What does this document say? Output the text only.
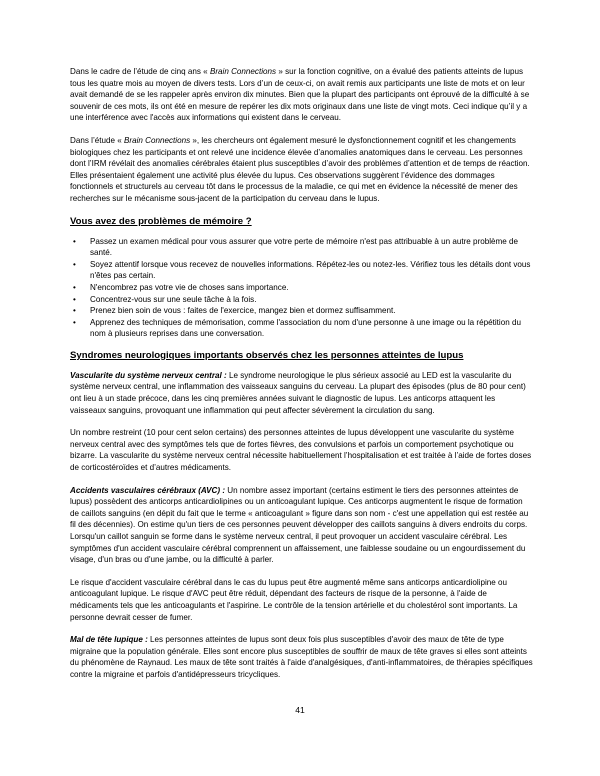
Dans le cadre de l’étude de cinq ans « Brain Connections » sur la fonction cognitive, on a évalué des patients atteints de lupus tous les quatre mois au moyen de divers tests. Lors d’un de ceux-ci, on avait remis aux participants une liste de mots et on leur avait demandé de se les rappeler après environ dix minutes. Bien que la plupart des participants ont éprouvé de la difficulté à se souvenir de ces mots, ils ont été en mesure de repérer les dix mots originaux dans une liste de vingt mots. Ceci indique qu’il y a une interférence avec l'accès aux informations qui existent dans le cerveau.

Dans l’étude « Brain Connections », les chercheurs ont également mesuré le dysfonctionnement cognitif et les changements biologiques chez les participants et ont relevé une incidence élevée d’anomalies anatomiques dans le cerveau. Les personnes dont l’IRM révélait des anomalies cérébrales étaient plus susceptibles d’avoir des problèmes d’attention et de temps de réaction. Elles présentaient également une activité plus élevée du lupus. Ces observations suggèrent l’évidence des dommages fonctionnels et structurels au cerveau tôt dans le processus de la maladie, ce qui met en évidence la nécessité de mener des recherches sur le mécanisme sous-jacent de la participation du cerveau dans le lupus.

Vous avez des problèmes de mémoire ?
• Passez un examen médical pour vous assurer que votre perte de mémoire n'est pas attribuable à un autre problème de santé.
• Soyez attentif lorsque vous recevez de nouvelles informations. Répétez-les ou notez-les. Vérifiez tous les détails dont vous n'êtes pas certain.
• N'encombrez pas votre vie de choses sans importance.
• Concentrez-vous sur une seule tâche à la fois.
• Prenez bien soin de vous : faites de l'exercice, mangez bien et dormez suffisamment.
• Apprenez des techniques de mémorisation, comme l'association du nom d'une personne à une image ou la répétition du nom à plusieurs reprises dans une conversation.
Syndromes neurologiques importants observés chez les personnes atteintes de lupus

Vascularite du système nerveux central : Le syndrome neurologique le plus sérieux associé au LED est la vascularite du système nerveux central, une inflammation des vaisseaux sanguins du cerveau. La plupart des épisodes (plus de 80 pour cent) ont lieu à un stade précoce, dans les cinq premières années suivant le diagnostic de lupus. Les anticorps attaquent les vaisseaux sanguins, provoquant une inflammation qui peut affecter sévèrement la circulation du sang.

Un nombre restreint (10 pour cent selon certains) des personnes atteintes de lupus développent une vascularite du système nerveux central avec des symptômes tels que de fortes fièvres, des convulsions et parfois un comportement psychotique ou bizarre. La vascularite du système nerveux central nécessite habituellement l’hospitalisation et est traitée à l’aide de fortes doses de corticostéroïdes et d’autres médicaments.

Accidents vasculaires cérébraux (AVC) : Un nombre assez important (certains estiment le tiers des personnes atteintes de lupus) possèdent des anticorps anticardiolipines ou un anticoagulant lupique. Ces anticorps augmentent le risque de formation de caillots sanguins (en dépit du fait que le terme « anticoagulant » figure dans son nom - c'est une appellation qui est restée au fil des décennies). On estime qu'un tiers de ces personnes peuvent développer des caillots sanguins à divers endroits du corps. Lorsqu'un caillot sanguin se forme dans le système nerveux central, il peut provoquer un accident vasculaire cérébral. Les symptômes d'un accident vasculaire cérébral comprennent un affaissement, une faiblesse soudaine ou un engourdissement du visage, d'un bras ou d'une jambe, ou la difficulté à parler.

Le risque d'accident vasculaire cérébral dans le cas du lupus peut être augmenté même sans anticorps anticardiolipine ou anticoagulant lupique. Le risque d'AVC peut être réduit, dépendant des facteurs de risque de la personne, à l'aide de médicaments tels que les anticoagulants et l'aspirine. Le contrôle de la tension artérielle et du cholestérol sont importants. La personne devrait cesser de fumer.

Mal de tête lupique : Les personnes atteintes de lupus sont deux fois plus susceptibles d'avoir des maux de tête de type migraine que la population générale. Elles sont encore plus susceptibles de souffrir de maux de tête graves si elles sont atteints du phénomène de Raynaud. Les maux de tête sont traités à l'aide d'analgésiques, d'anti-inflammatoires, de thérapies spécifiques contre la migraine et parfois d'antidépresseurs tricycliques.

41
